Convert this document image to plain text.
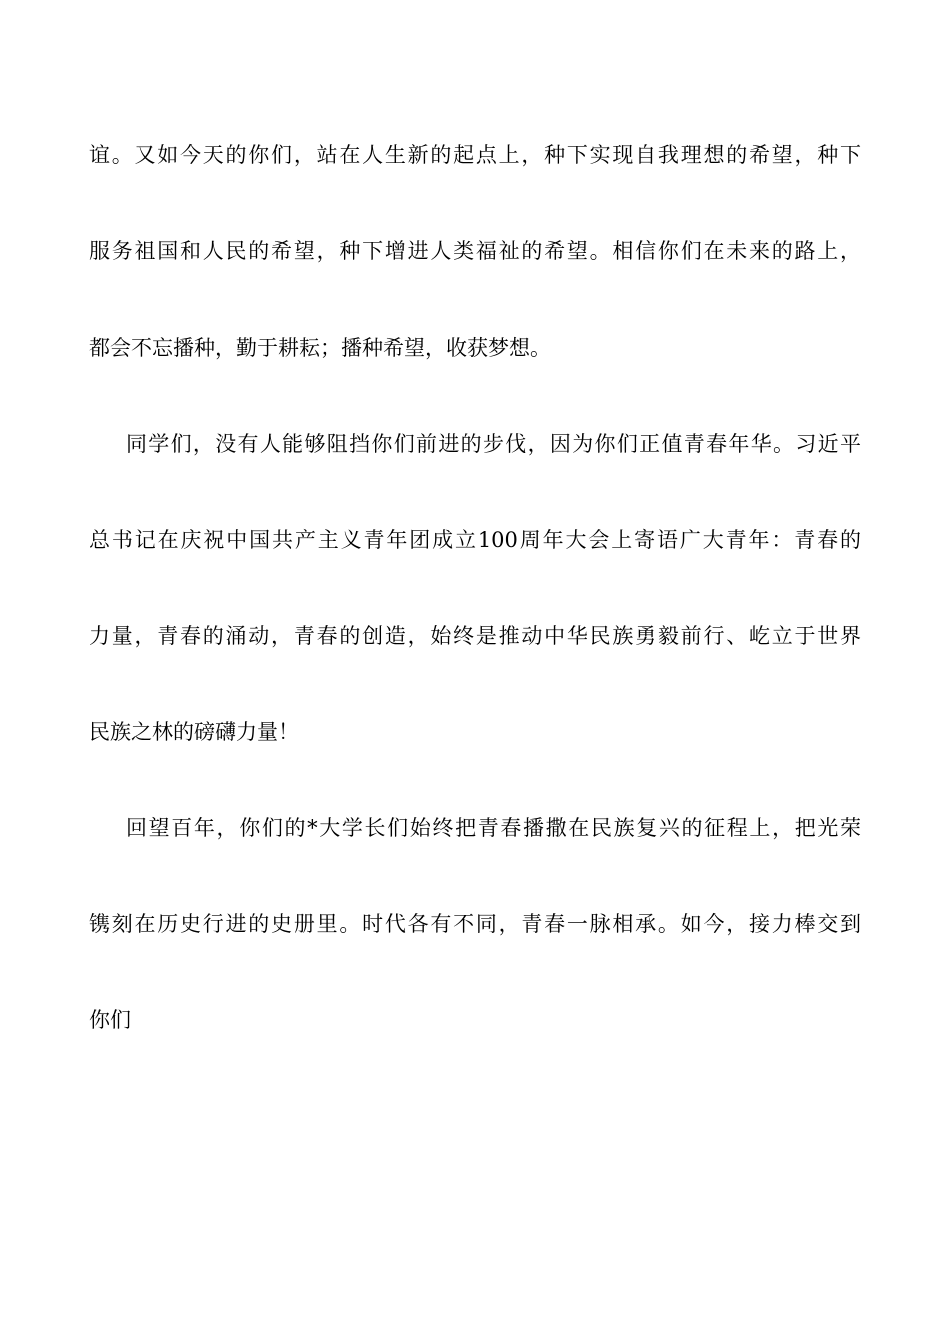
谊。又如今天的你们，站在人生新的起点上，种下实现自我理想的希望，种下
服务祖国和人民的希望，种下增进人类福祉的希望。相信你们在未来的路上，
都会不忘播种，勤于耕耘；播种希望，收获梦想。
同学们，没有人能够阻挡你们前进的步伐，因为你们正值青春年华。习近平
总书记在庆祝中国共产主义青年团成立100周年大会上寄语广大青年：青春的
力量，青春的涌动，青春的创造，始终是推动中华民族勇毅前行、屹立于世界
民族之林的磅礴力量！
回望百年，你们的*大学长们始终把青春播撒在民族复兴的征程上，把光荣
镌刻在历史行进的史册里。时代各有不同，青春一脉相承。如今，接力棒交到
你们
